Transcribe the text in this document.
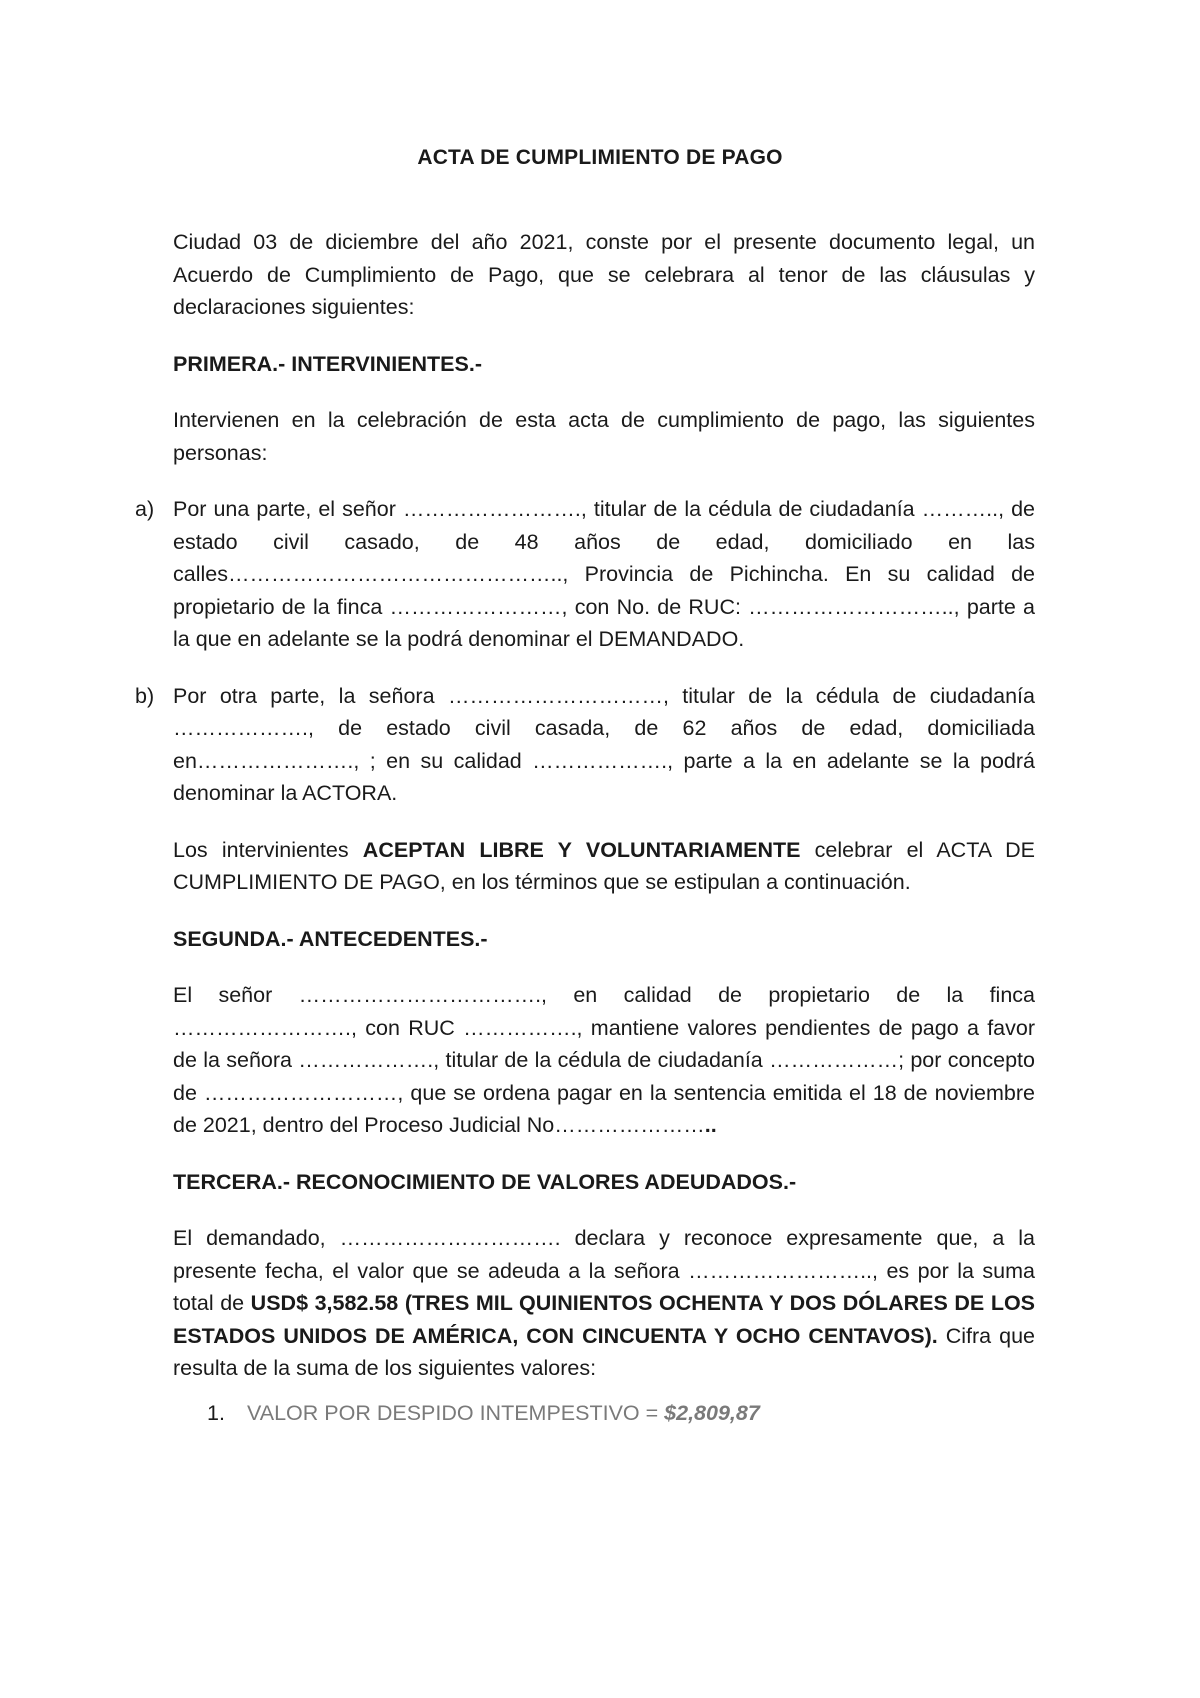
ACTA DE CUMPLIMIENTO DE PAGO

Ciudad 03 de diciembre del año 2021, conste por el presente documento legal, un Acuerdo de Cumplimiento de Pago, que se celebrara al tenor de las cláusulas y declaraciones siguientes:

PRIMERA.- INTERVINIENTES.-

Intervienen en la celebración de esta acta de cumplimiento de pago, las siguientes personas:

a) Por una parte, el señor ……………………., titular de la cédula de ciudadanía ……….., de estado civil casado, de 48 años de edad, domiciliado en las calles……………………………………….., Provincia de Pichincha. En su calidad de propietario de la finca ……………………, con No. de RUC: ……………………….., parte a la que en adelante se la podrá denominar el DEMANDADO.

b) Por otra parte, la señora …………………………, titular de la cédula de ciudadanía ………………., de estado civil casada, de 62 años de edad, domiciliada en…………………., ; en su calidad ………………., parte a la en adelante se la podrá denominar la ACTORA.

Los intervinientes ACEPTAN LIBRE Y VOLUNTARIAMENTE celebrar el ACTA DE CUMPLIMIENTO DE PAGO, en los términos que se estipulan a continuación.

SEGUNDA.- ANTECEDENTES.-

El señor ……………………………., en calidad de propietario de la finca ……………………., con RUC ……………., mantiene valores pendientes de pago a favor de la señora ………………., titular de la cédula de ciudadanía ………………; por concepto de ………………………, que se ordena pagar en la sentencia emitida el 18 de noviembre de 2021, dentro del Proceso Judicial No…………………..

TERCERA.- RECONOCIMIENTO DE VALORES ADEUDADOS.-

El demandado, …………………………. declara y reconoce expresamente que, a la presente fecha, el valor que se adeuda a la señora …………………….., es por la suma total de USD$ 3,582.58 (TRES MIL QUINIENTOS OCHENTA Y DOS DÓLARES DE LOS ESTADOS UNIDOS DE AMÉRICA, CON CINCUENTA Y OCHO CENTAVOS). Cifra que resulta de la suma de los siguientes valores:

1. VALOR POR DESPIDO INTEMPESTIVO = $2,809,87
